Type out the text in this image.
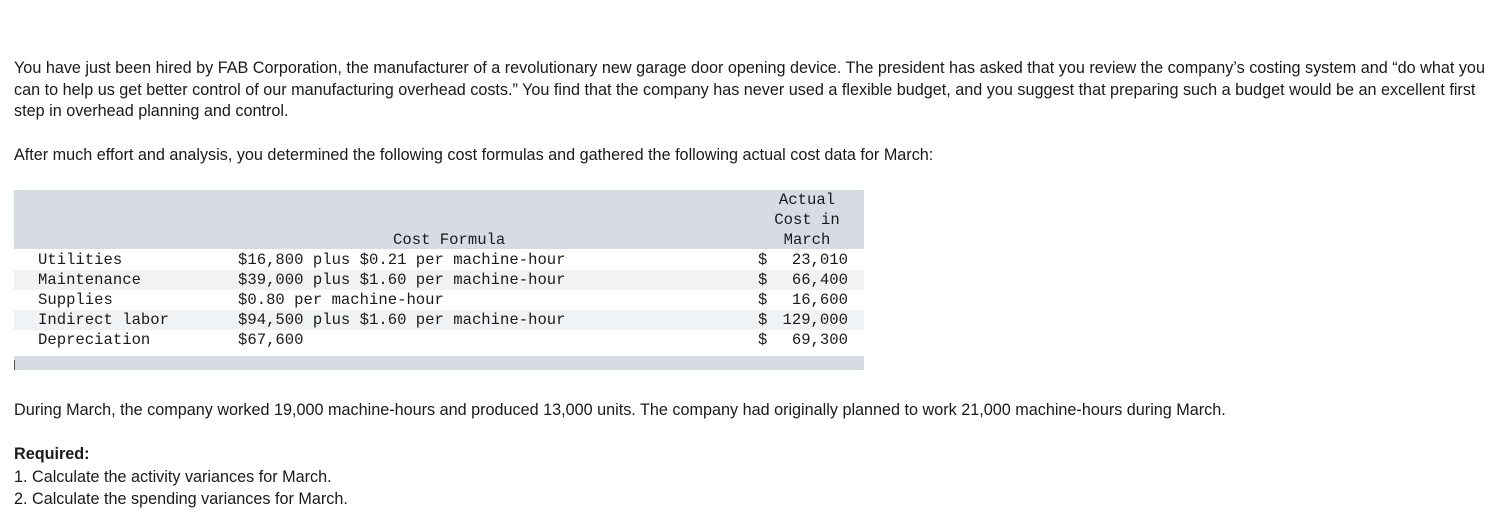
You have just been hired by FAB Corporation, the manufacturer of a revolutionary new garage door opening device. The president has asked that you review the company’s costing system and “do what you can to help us get better control of our manufacturing overhead costs.” You find that the company has never used a flexible budget, and you suggest that preparing such a budget would be an excellent first step in overhead planning and control.

After much effort and analysis, you determined the following cost formulas and gathered the following actual cost data for March:

Cost Formula
Actual
Cost in
March
Utilities	$16,800 plus $0.21 per machine-hour	$ 23,010
Maintenance	$39,000 plus $1.60 per machine-hour	$ 66,400
Supplies	$0.80 per machine-hour	$ 16,600
Indirect labor	$94,500 plus $1.60 per machine-hour	$ 129,000
Depreciation	$67,600	$ 69,300

During March, the company worked 19,000 machine-hours and produced 13,000 units. The company had originally planned to work 21,000 machine-hours during March.

Required:
1. Calculate the activity variances for March.
2. Calculate the spending variances for March.
